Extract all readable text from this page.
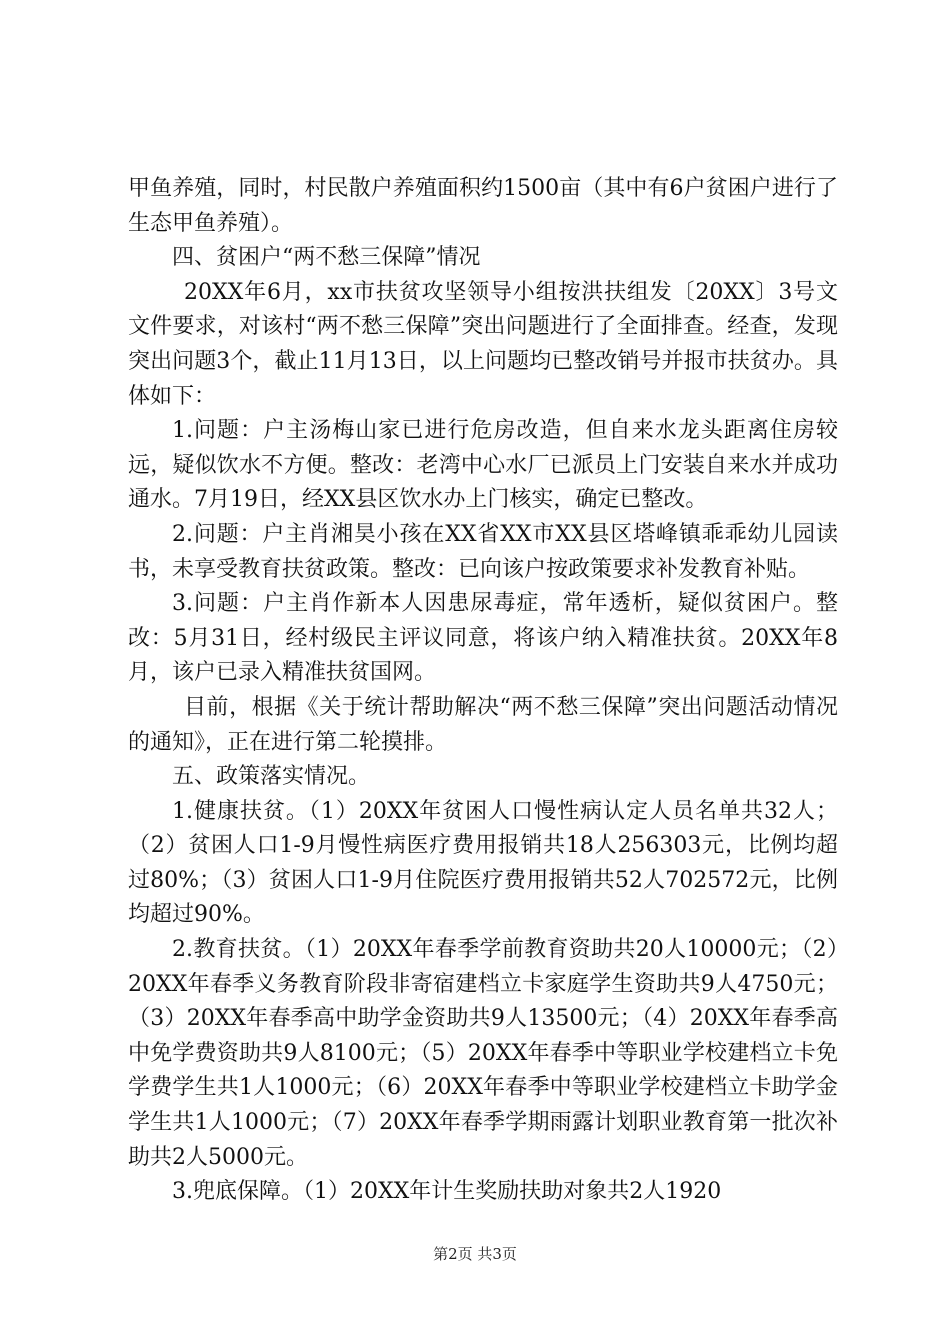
甲鱼养殖，同时，村民散户养殖面积约1500亩（其中有6户贫困户进行了生态甲鱼养殖）。

四、贫困户“两不愁三保障”情况

20XX年6月，xx市扶贫攻坚领导小组按洪扶组发〔20XX〕3号文文件要求，对该村“两不愁三保障”突出问题进行了全面排查。经查，发现突出问题3个，截止11月13日，以上问题均已整改销号并报市扶贫办。具体如下：

1.问题：户主汤梅山家已进行危房改造，但自来水龙头距离住房较远，疑似饮水不方便。整改：老湾中心水厂已派员上门安装自来水并成功通水。7月19日，经XX县区饮水办上门核实，确定已整改。

2.问题：户主肖湘昊小孩在XX省XX市XX县区塔峰镇乖乖幼儿园读书，未享受教育扶贫政策。整改：已向该户按政策要求补发教育补贴。

3.问题：户主肖作新本人因患尿毒症，常年透析，疑似贫困户。整改：5月31日，经村级民主评议同意，将该户纳入精准扶贫。20XX年8月，该户已录入精准扶贫国网。

目前，根据《关于统计帮助解决“两不愁三保障”突出问题活动情况的通知》，正在进行第二轮摸排。

五、政策落实情况。

1.健康扶贫。（1）20XX年贫困人口慢性病认定人员名单共32人；（2）贫困人口1-9月慢性病医疗费用报销共18人256303元，比例均超过80%；（3）贫困人口1-9月住院医疗费用报销共52人702572元，比例均超过90%。

2.教育扶贫。（1）20XX年春季学前教育资助共20人10000元；（2）20XX年春季义务教育阶段非寄宿建档立卡家庭学生资助共9人4750元；（3）20XX年春季高中助学金资助共9人13500元；（4）20XX年春季高中免学费资助共9人8100元；（5）20XX年春季中等职业学校建档立卡免学费学生共1人1000元；（6）20XX年春季中等职业学校建档立卡助学金学生共1人1000元；（7）20XX年春季学期雨露计划职业教育第一批次补助共2人5000元。

3.兜底保障。（1）20XX年计生奖励扶助对象共2人1920

第2页 共3页
